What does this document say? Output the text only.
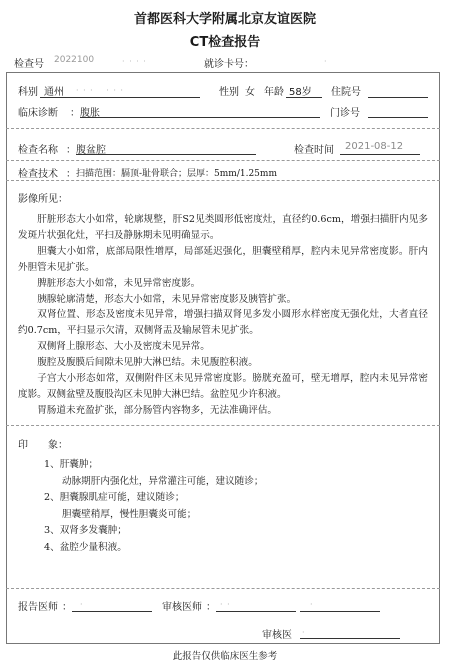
首都医科大学附属北京友谊医院
CT检查报告
检查号 2022100	· · · ·	就诊卡号：	·
科别 通州 · · ·　 · · ·	性别 女 年龄 58岁 住院号
临床诊断 ： 腹胀	门诊号
检查名称 ： 腹盆腔	检查时间 2021-08-12
检查技术 ： 扫描范围：膈顶-耻骨联合；层厚：5mm/1.25mm
影像所见：

肝脏形态大小如常，轮廓规整，肝S2见类圆形低密度灶，直径约0.6cm，增强扫描肝内见多发斑片状强化灶，平扫及静脉期未见明确显示。

胆囊大小如常，底部局限性增厚，局部延迟强化，胆囊壁稍厚，腔内未见异常密度影。肝内外胆管未见扩张。

脾脏形态大小如常，未见异常密度影。

胰腺轮廓清楚，形态大小如常，未见异常密度影及胰管扩张。

双肾位置、形态及密度未见异常，增强扫描双肾见多发小圆形水样密度无强化灶，大者直径约0.7cm，平扫显示欠清，双侧肾盂及输尿管未见扩张。

双侧肾上腺形态、大小及密度未见异常。

腹腔及腹膜后间隙未见肿大淋巴结。未见腹腔积液。

子宫大小形态如常，双侧附件区未见异常密度影。膀胱充盈可，壁无增厚，腔内未见异常密度影。双侧盆壁及腹股沟区未见肿大淋巴结。盆腔见少许积液。

胃肠道未充盈扩张，部分肠管内容物多，无法准确评估。

印　　象：
1、肝囊肿；
动脉期肝内强化灶，异常灌注可能，建议随诊；
2、胆囊腺肌症可能，建议随诊；
胆囊壁稍厚，慢性胆囊炎可能；
3、双肾多发囊肿；
4、盆腔少量积液。
报告医师 ： ·	审核医师 ： · ·	·
审核医 ·
此报告仅供临床医生参考
